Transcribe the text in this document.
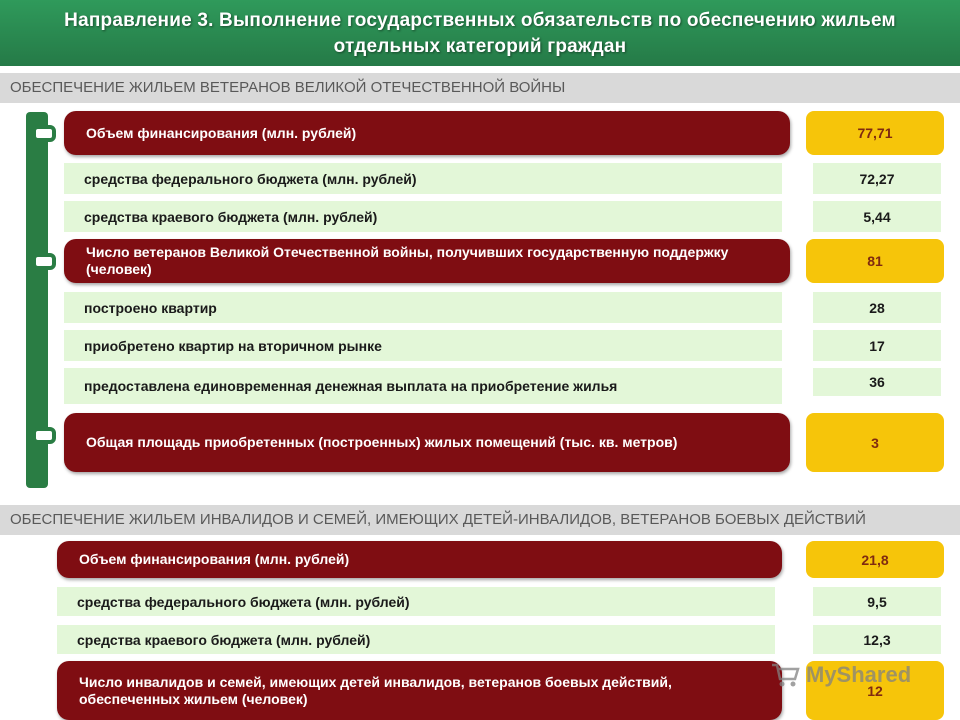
Направление 3. Выполнение государственных обязательств по обеспечению жильем
отдельных категорий граждан
ОБЕСПЕЧЕНИЕ ЖИЛЬЕМ ВЕТЕРАНОВ ВЕЛИКОЙ ОТЕЧЕСТВЕННОЙ ВОЙНЫ
Объем финансирования (млн. рублей)	77,71
средства федерального бюджета (млн. рублей)	72,27
средства краевого бюджета (млн. рублей)	5,44
Число ветеранов Великой Отечественной войны, получивших государственную поддержку (человек)	81
построено квартир	28
приобретено квартир на вторичном рынке	17
предоставлена единовременная денежная выплата на приобретение жилья	36
Общая площадь приобретенных (построенных) жилых помещений (тыс. кв. метров)	3
ОБЕСПЕЧЕНИЕ ЖИЛЬЕМ ИНВАЛИДОВ И СЕМЕЙ, ИМЕЮЩИХ ДЕТЕЙ-ИНВАЛИДОВ, ВЕТЕРАНОВ БОЕВЫХ ДЕЙСТВИЙ
Объем финансирования (млн. рублей)	21,8
средства федерального бюджета (млн. рублей)	9,5
средства краевого бюджета (млн. рублей)	12,3
Число инвалидов и семей, имеющих детей инвалидов, ветеранов боевых действий, обеспеченных жильем (человек)	12
MyShared
